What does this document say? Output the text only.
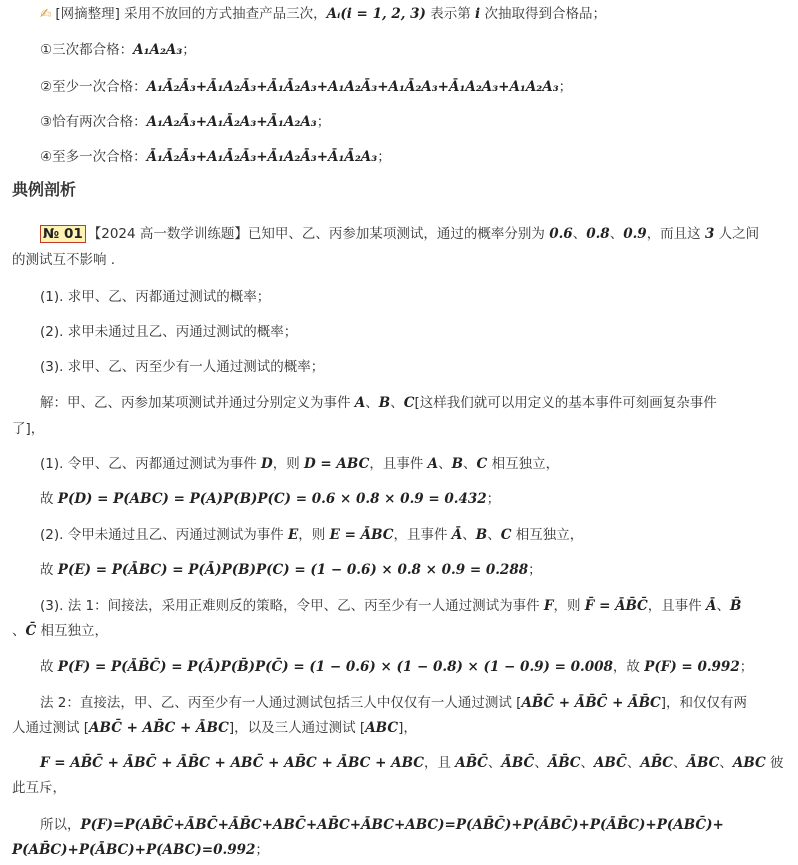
✍ [网摘整理] 采用不放回的方式抽查产品三次，Aᵢ(i = 1, 2, 3) 表示第 i 次抽取得到合格品；
①三次都合格：A₁A₂A₃；
②至少一次合格：A₁Ā₂Ā₃+Ā₁A₂Ā₃+Ā₁Ā₂A₃+A₁A₂Ā₃+A₁Ā₂A₃+Ā₁A₂A₃+A₁A₂A₃；
③恰有两次合格：A₁A₂Ā₃+A₁Ā₂A₃+Ā₁A₂A₃；
④至多一次合格：Ā₁Ā₂Ā₃+A₁Ā₂Ā₃+Ā₁A₂Ā₃+Ā₁Ā₂A₃；
典例剖析
№ 01 【2024 高一数学训练题】已知甲、乙、丙参加某项测试，通过的概率分别为 0.6、0.8、0.9，而且这 3 人之间
的测试互不影响 .
(1). 求甲、乙、丙都通过测试的概率；
(2). 求甲未通过且乙、丙通过测试的概率；
(3). 求甲、乙、丙至少有一人通过测试的概率；
解：甲、乙、丙参加某项测试并通过分别定义为事件 A、B、C[这样我们就可以用定义的基本事件可刻画复杂事件
了]，
(1). 令甲、乙、丙都通过测试为事件 D，则 D = ABC，且事件 A、B、C 相互独立，
故 P(D) = P(ABC) = P(A)P(B)P(C) = 0.6 × 0.8 × 0.9 = 0.432；
(2). 令甲未通过且乙、丙通过测试为事件 E，则 E = ĀBC，且事件 Ā、B、C 相互独立，
故 P(E) = P(ĀBC) = P(Ā)P(B)P(C) = (1 − 0.6) × 0.8 × 0.9 = 0.288；
(3). 法 1：间接法，采用正难则反的策略，令甲、乙、丙至少有一人通过测试为事件 F，则 F̄ = ĀB̄C̄，且事件 Ā、B̄
、C̄ 相互独立，
故 P(F) = P(ĀB̄C̄) = P(Ā)P(B̄)P(C̄) = (1 − 0.6) × (1 − 0.8) × (1 − 0.9) = 0.008，故 P(F) = 0.992；
法 2：直接法，甲、乙、丙至少有一人通过测试包括三人中仅仅有一人通过测试 [AB̄C̄ + ĀB̄C̄ + ĀB̄C]，和仅仅有两
人通过测试 [ABC̄ + AB̄C + ĀBC]，以及三人通过测试 [ABC]，
F = AB̄C̄ + ĀBC̄ + ĀB̄C + ABC̄ + AB̄C + ĀBC + ABC，且 AB̄C̄、ĀBC̄、ĀB̄C、ABC̄、AB̄C、ĀBC、ABC 彼
此互斥，
所以，P(F)=P(AB̄C̄+ĀBC̄+ĀB̄C+ABC̄+AB̄C+ĀBC+ABC)=P(AB̄C̄)+P(ĀBC̄)+P(ĀB̄C)+P(ABC̄)+
P(AB̄C)+P(ĀBC)+P(ABC)=0.992；
